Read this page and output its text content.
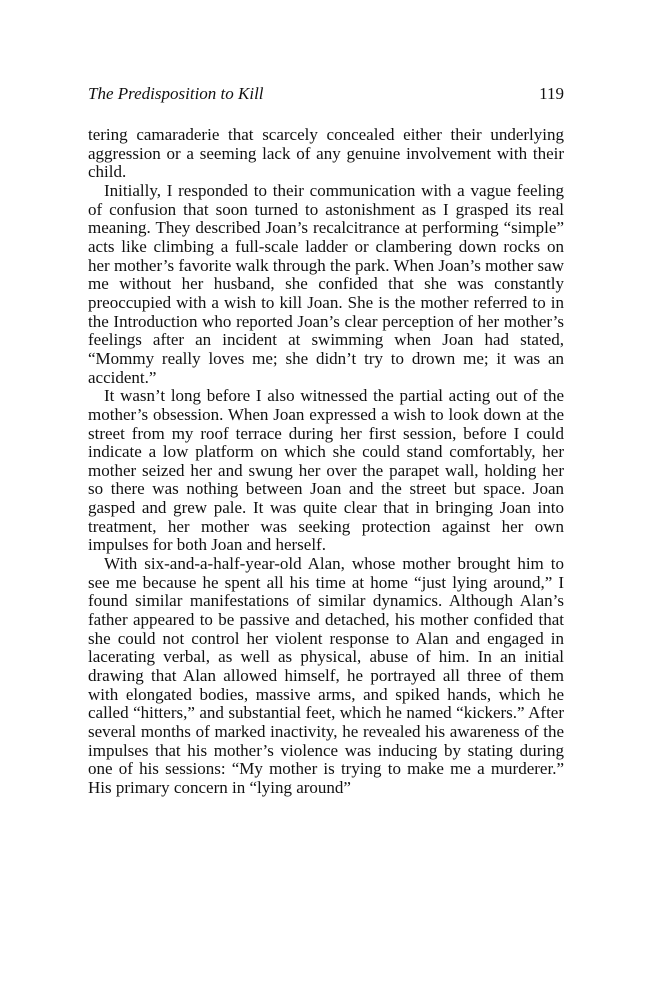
The Predisposition to Kill	119

tering camaraderie that scarcely concealed either their underlying aggression or a seeming lack of any genuine involvement with their child.

Initially, I responded to their communication with a vague feeling of confusion that soon turned to astonishment as I grasped its real meaning. They described Joan’s recalcitrance at performing “simple” acts like climbing a full-scale ladder or clambering down rocks on her mother’s favorite walk through the park. When Joan’s mother saw me without her husband, she confided that she was constantly preoccupied with a wish to kill Joan. She is the mother referred to in the Introduction who reported Joan’s clear perception of her mother’s feelings after an incident at swimming when Joan had stated, “Mommy really loves me; she didn’t try to drown me; it was an accident.”

It wasn’t long before I also witnessed the partial acting out of the mother’s obsession. When Joan expressed a wish to look down at the street from my roof terrace during her first session, before I could indicate a low platform on which she could stand comfortably, her mother seized her and swung her over the parapet wall, holding her so there was nothing between Joan and the street but space. Joan gasped and grew pale. It was quite clear that in bringing Joan into treatment, her mother was seeking protection against her own impulses for both Joan and herself.

With six-and-a-half-year-old Alan, whose mother brought him to see me because he spent all his time at home “just lying around,” I found similar manifestations of similar dynamics. Although Alan’s father appeared to be passive and detached, his mother confided that she could not control her violent response to Alan and engaged in lacerating verbal, as well as physical, abuse of him. In an initial drawing that Alan allowed himself, he portrayed all three of them with elongated bodies, massive arms, and spiked hands, which he called “hitters,” and substantial feet, which he named “kickers.” After several months of marked inactivity, he revealed his awareness of the impulses that his mother’s violence was inducing by stating during one of his sessions: “My mother is trying to make me a murderer.” His primary concern in “lying around”
